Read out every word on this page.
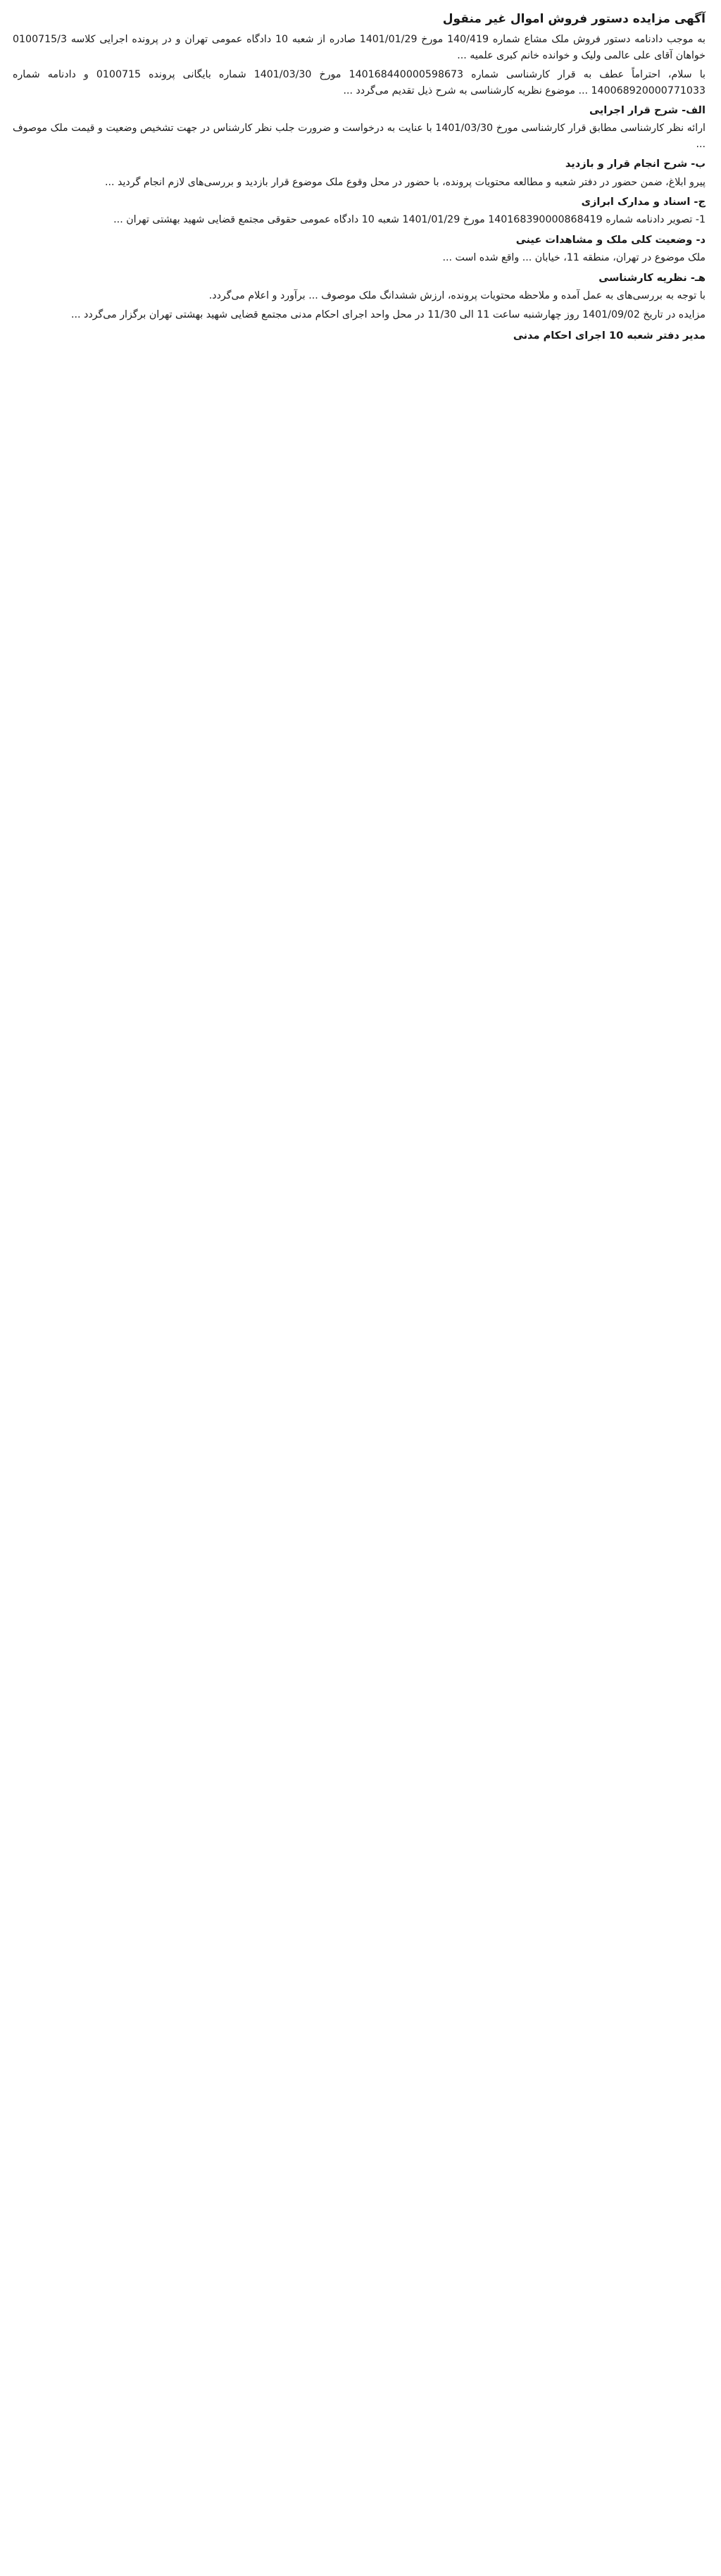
آگهی مزایده دستور فروش اموال غیر منقول
به موجب دادنامه دستور فروش ملک مشاع شماره 140/419 مورخ 1401/01/29 صادره از شعبه 10 دادگاه عمومی تهران و در پرونده اجرایی کلاسه 0100715/3 خواهان آقای علی عالمی ولیک و خوانده خانم کبری علمیه ...
با سلام، احتراماً عطف به قرار کارشناسی شماره 140168440000598673 مورخ 1401/03/30 شماره بایگانی پرونده 0100715 و دادنامه شماره 140068920000771033 ... موضوع نظریه کارشناسی به شرح ذیل تقدیم می‌گردد ...
الف- شرح قرار اجرایی
ارائه نظر کارشناسی مطابق قرار کارشناسی مورخ 1401/03/30 با عنایت به درخواست و ضرورت جلب نظر کارشناس در جهت تشخیص وضعیت و قیمت ملک موصوف ...
ب- شرح انجام قرار و بازدید
پیرو ابلاغ، ضمن حضور در دفتر شعبه و مطالعه محتویات پرونده، با حضور در محل وقوع ملک موضوع قرار بازدید و بررسی‌های لازم انجام گردید ...
ج- اسناد و مدارک ابرازی
1- تصویر دادنامه شماره 140168390000868419 مورخ 1401/01/29 شعبه 10 دادگاه عمومی حقوقی مجتمع قضایی شهید بهشتی تهران ...
د- وضعیت کلی ملک و مشاهدات عینی
ملک موضوع در تهران، منطقه 11، خیابان ... واقع شده است ...
هـ- نظریه کارشناسی
با توجه به بررسی‌های به عمل آمده و ملاحظه محتویات پرونده، ارزش ششدانگ ملک موصوف ... برآورد و اعلام می‌گردد.
مزایده در تاریخ 1401/09/02 روز چهارشنبه ساعت 11 الی 11/30 در محل واحد اجرای احکام مدنی مجتمع قضایی شهید بهشتی تهران برگزار می‌گردد ...
مدیر دفتر شعبه 10 اجرای احکام مدنی
